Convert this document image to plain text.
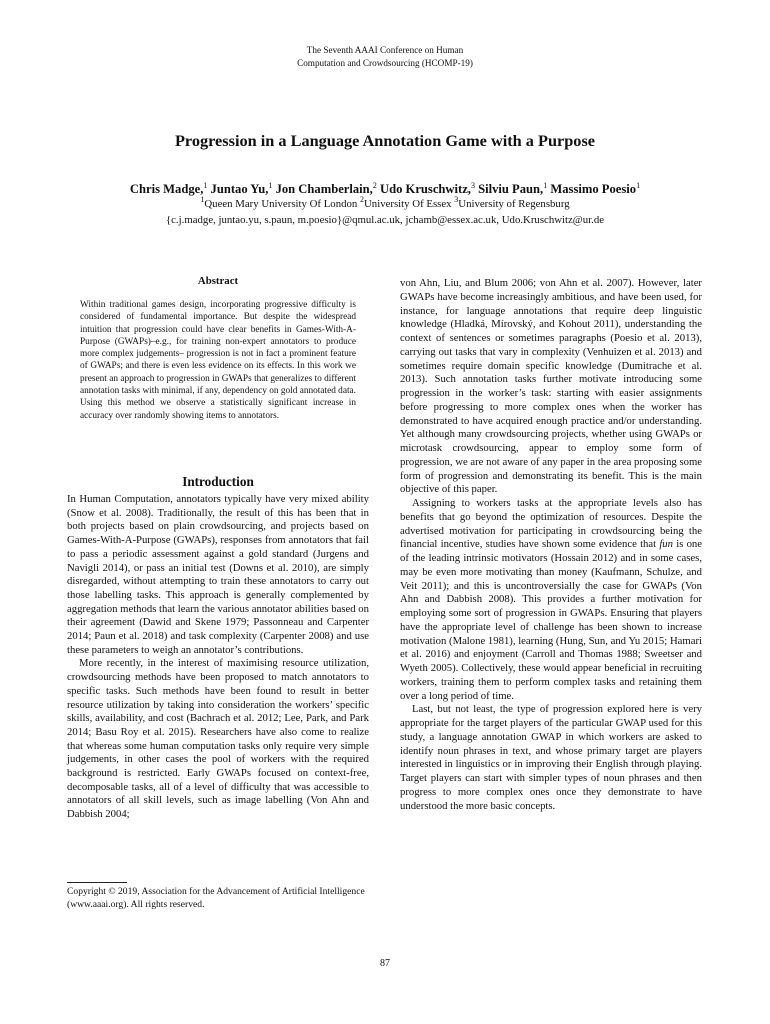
The Seventh AAAI Conference on Human
Computation and Crowdsourcing (HCOMP-19)
Progression in a Language Annotation Game with a Purpose
Chris Madge,$^1$ Juntao Yu,$^1$ Jon Chamberlain,$^2$ Udo Kruschwitz,$^3$ Silviu Paun,$^1$ Massimo Poesio$^1$
$^1$Queen Mary University Of London $^2$University Of Essex $^3$University of Regensburg
{c.j.madge, juntao.yu, s.paun, m.poesio}@qmul.ac.uk, jchamb@essex.ac.uk, Udo.Kruschwitz@ur.de
Abstract
Within traditional games design, incorporating progressive difficulty is considered of fundamental importance. But despite the widespread intuition that progression could have clear benefits in Games-With-A-Purpose (GWAPs)–e.g., for training non-expert annotators to produce more complex judgements– progression is not in fact a prominent feature of GWAPs; and there is even less evidence on its effects. In this work we present an approach to progression in GWAPs that generalizes to different annotation tasks with minimal, if any, dependency on gold annotated data. Using this method we observe a statistically significant increase in accuracy over randomly showing items to annotators.
Introduction

In Human Computation, annotators typically have very mixed ability (Snow et al. 2008). Traditionally, the result of this has been that in both projects based on plain crowdsourcing, and projects based on Games-With-A-Purpose (GWAPs), responses from annotators that fail to pass a periodic assessment against a gold standard (Jurgens and Navigli 2014), or pass an initial test (Downs et al. 2010), are simply disregarded, without attempting to train these annotators to carry out those labelling tasks. This approach is generally complemented by aggregation methods that learn the various annotator abilities based on their agreement (Dawid and Skene 1979; Passonneau and Carpenter 2014; Paun et al. 2018) and task complexity (Carpenter 2008) and use these parameters to weigh an annotator’s contributions.

More recently, in the interest of maximising resource utilization, crowdsourcing methods have been proposed to match annotators to specific tasks. Such methods have been found to result in better resource utilization by taking into consideration the workers’ specific skills, availability, and cost (Bachrach et al. 2012; Lee, Park, and Park 2014; Basu Roy et al. 2015). Researchers have also come to realize that whereas some human computation tasks only require very simple judgements, in other cases the pool of workers with the required background is restricted. Early GWAPs focused on context-free, decomposable tasks, all of a level of difficulty that was accessible to annotators of all skill levels, such as image labelling (Von Ahn and Dabbish 2004;

von Ahn, Liu, and Blum 2006; von Ahn et al. 2007). However, later GWAPs have become increasingly ambitious, and have been used, for instance, for language annotations that require deep linguistic knowledge (Hladká, Mírovský, and Kohout 2011), understanding the context of sentences or sometimes paragraphs (Poesio et al. 2013), carrying out tasks that vary in complexity (Venhuizen et al. 2013) and sometimes require domain specific knowledge (Dumitrache et al. 2013). Such annotation tasks further motivate introducing some progression in the worker’s task: starting with easier assignments before progressing to more complex ones when the worker has demonstrated to have acquired enough practice and/or understanding. Yet although many crowdsourcing projects, whether using GWAPs or microtask crowdsourcing, appear to employ some form of progression, we are not aware of any paper in the area proposing some form of progression and demonstrating its benefit. This is the main objective of this paper.

Assigning to workers tasks at the appropriate levels also has benefits that go beyond the optimization of resources. Despite the advertised motivation for participating in crowdsourcing being the financial incentive, studies have shown some evidence that fun is one of the leading intrinsic motivators (Hossain 2012) and in some cases, may be even more motivating than money (Kaufmann, Schulze, and Veit 2011); and this is uncontroversially the case for GWAPs (Von Ahn and Dabbish 2008). This provides a further motivation for employing some sort of progression in GWAPs. Ensuring that players have the appropriate level of challenge has been shown to increase motivation (Malone 1981), learning (Hung, Sun, and Yu 2015; Hamari et al. 2016) and enjoyment (Carroll and Thomas 1988; Sweetser and Wyeth 2005). Collectively, these would appear beneficial in recruiting workers, training them to perform complex tasks and retaining them over a long period of time.

Last, but not least, the type of progression explored here is very appropriate for the target players of the particular GWAP used for this study, a language annotation GWAP in which workers are asked to identify noun phrases in text, and whose primary target are players interested in linguistics or in improving their English through playing. Target players can start with simpler types of noun phrases and then progress to more complex ones once they demonstrate to have understood the more basic concepts.

Copyright © 2019, Association for the Advancement of Artificial Intelligence (www.aaai.org). All rights reserved.
87
